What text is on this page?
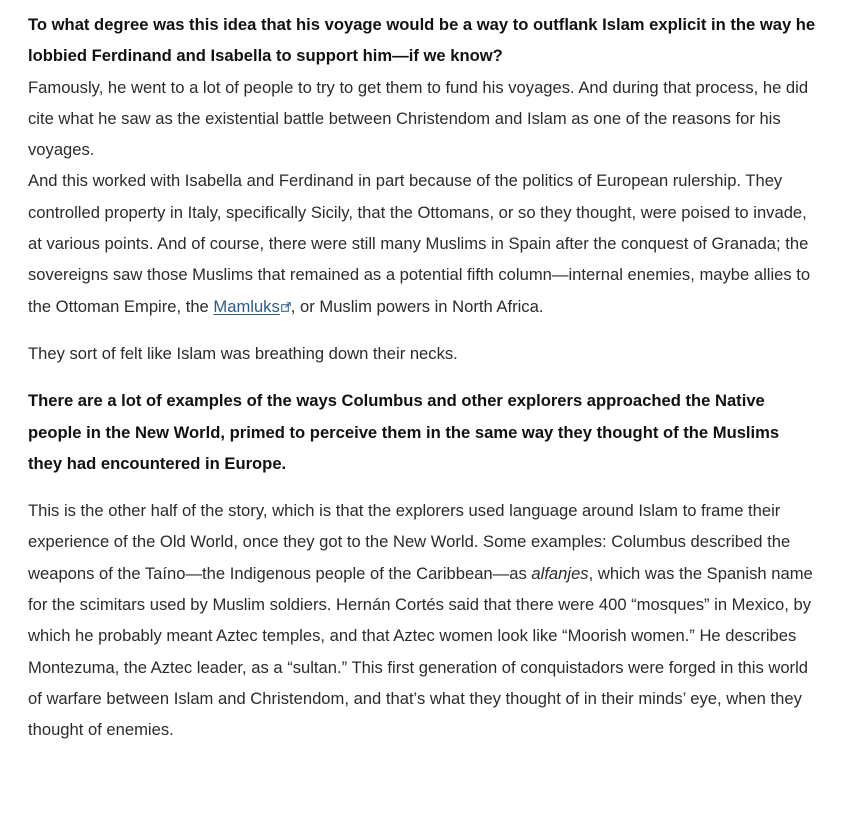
To what degree was this idea that his voyage would be a way to outflank Islam explicit in the way he lobbied Ferdinand and Isabella to support him—if we know?

Famously, he went to a lot of people to try to get them to fund his voyages. And during that process, he did cite what he saw as the existential battle between Christendom and Islam as one of the reasons for his voyages.

And this worked with Isabella and Ferdinand in part because of the politics of European rulership. They controlled property in Italy, specifically Sicily, that the Ottomans, or so they thought, were poised to invade, at various points. And of course, there were still many Muslims in Spain after the conquest of Granada; the sovereigns saw those Muslims that remained as a potential fifth column—internal enemies, maybe allies to the Ottoman Empire, the Mamluks , or Muslim powers in North Africa.

They sort of felt like Islam was breathing down their necks.

There are a lot of examples of the ways Columbus and other explorers approached the Native people in the New World, primed to perceive them in the same way they thought of the Muslims they had encountered in Europe.

This is the other half of the story, which is that the explorers used language around Islam to frame their experience of the Old World, once they got to the New World. Some examples: Columbus described the weapons of the Taíno—the Indigenous people of the Caribbean—as alfanjes, which was the Spanish name for the scimitars used by Muslim soldiers. Hernán Cortés said that there were 400 “mosques” in Mexico, by which he probably meant Aztec temples, and that Aztec women look like “Moorish women.” He describes Montezuma, the Aztec leader, as a “sultan.” This first generation of conquistadors were forged in this world of warfare between Islam and Christendom, and that’s what they thought of in their minds’ eye, when they thought of enemies.
